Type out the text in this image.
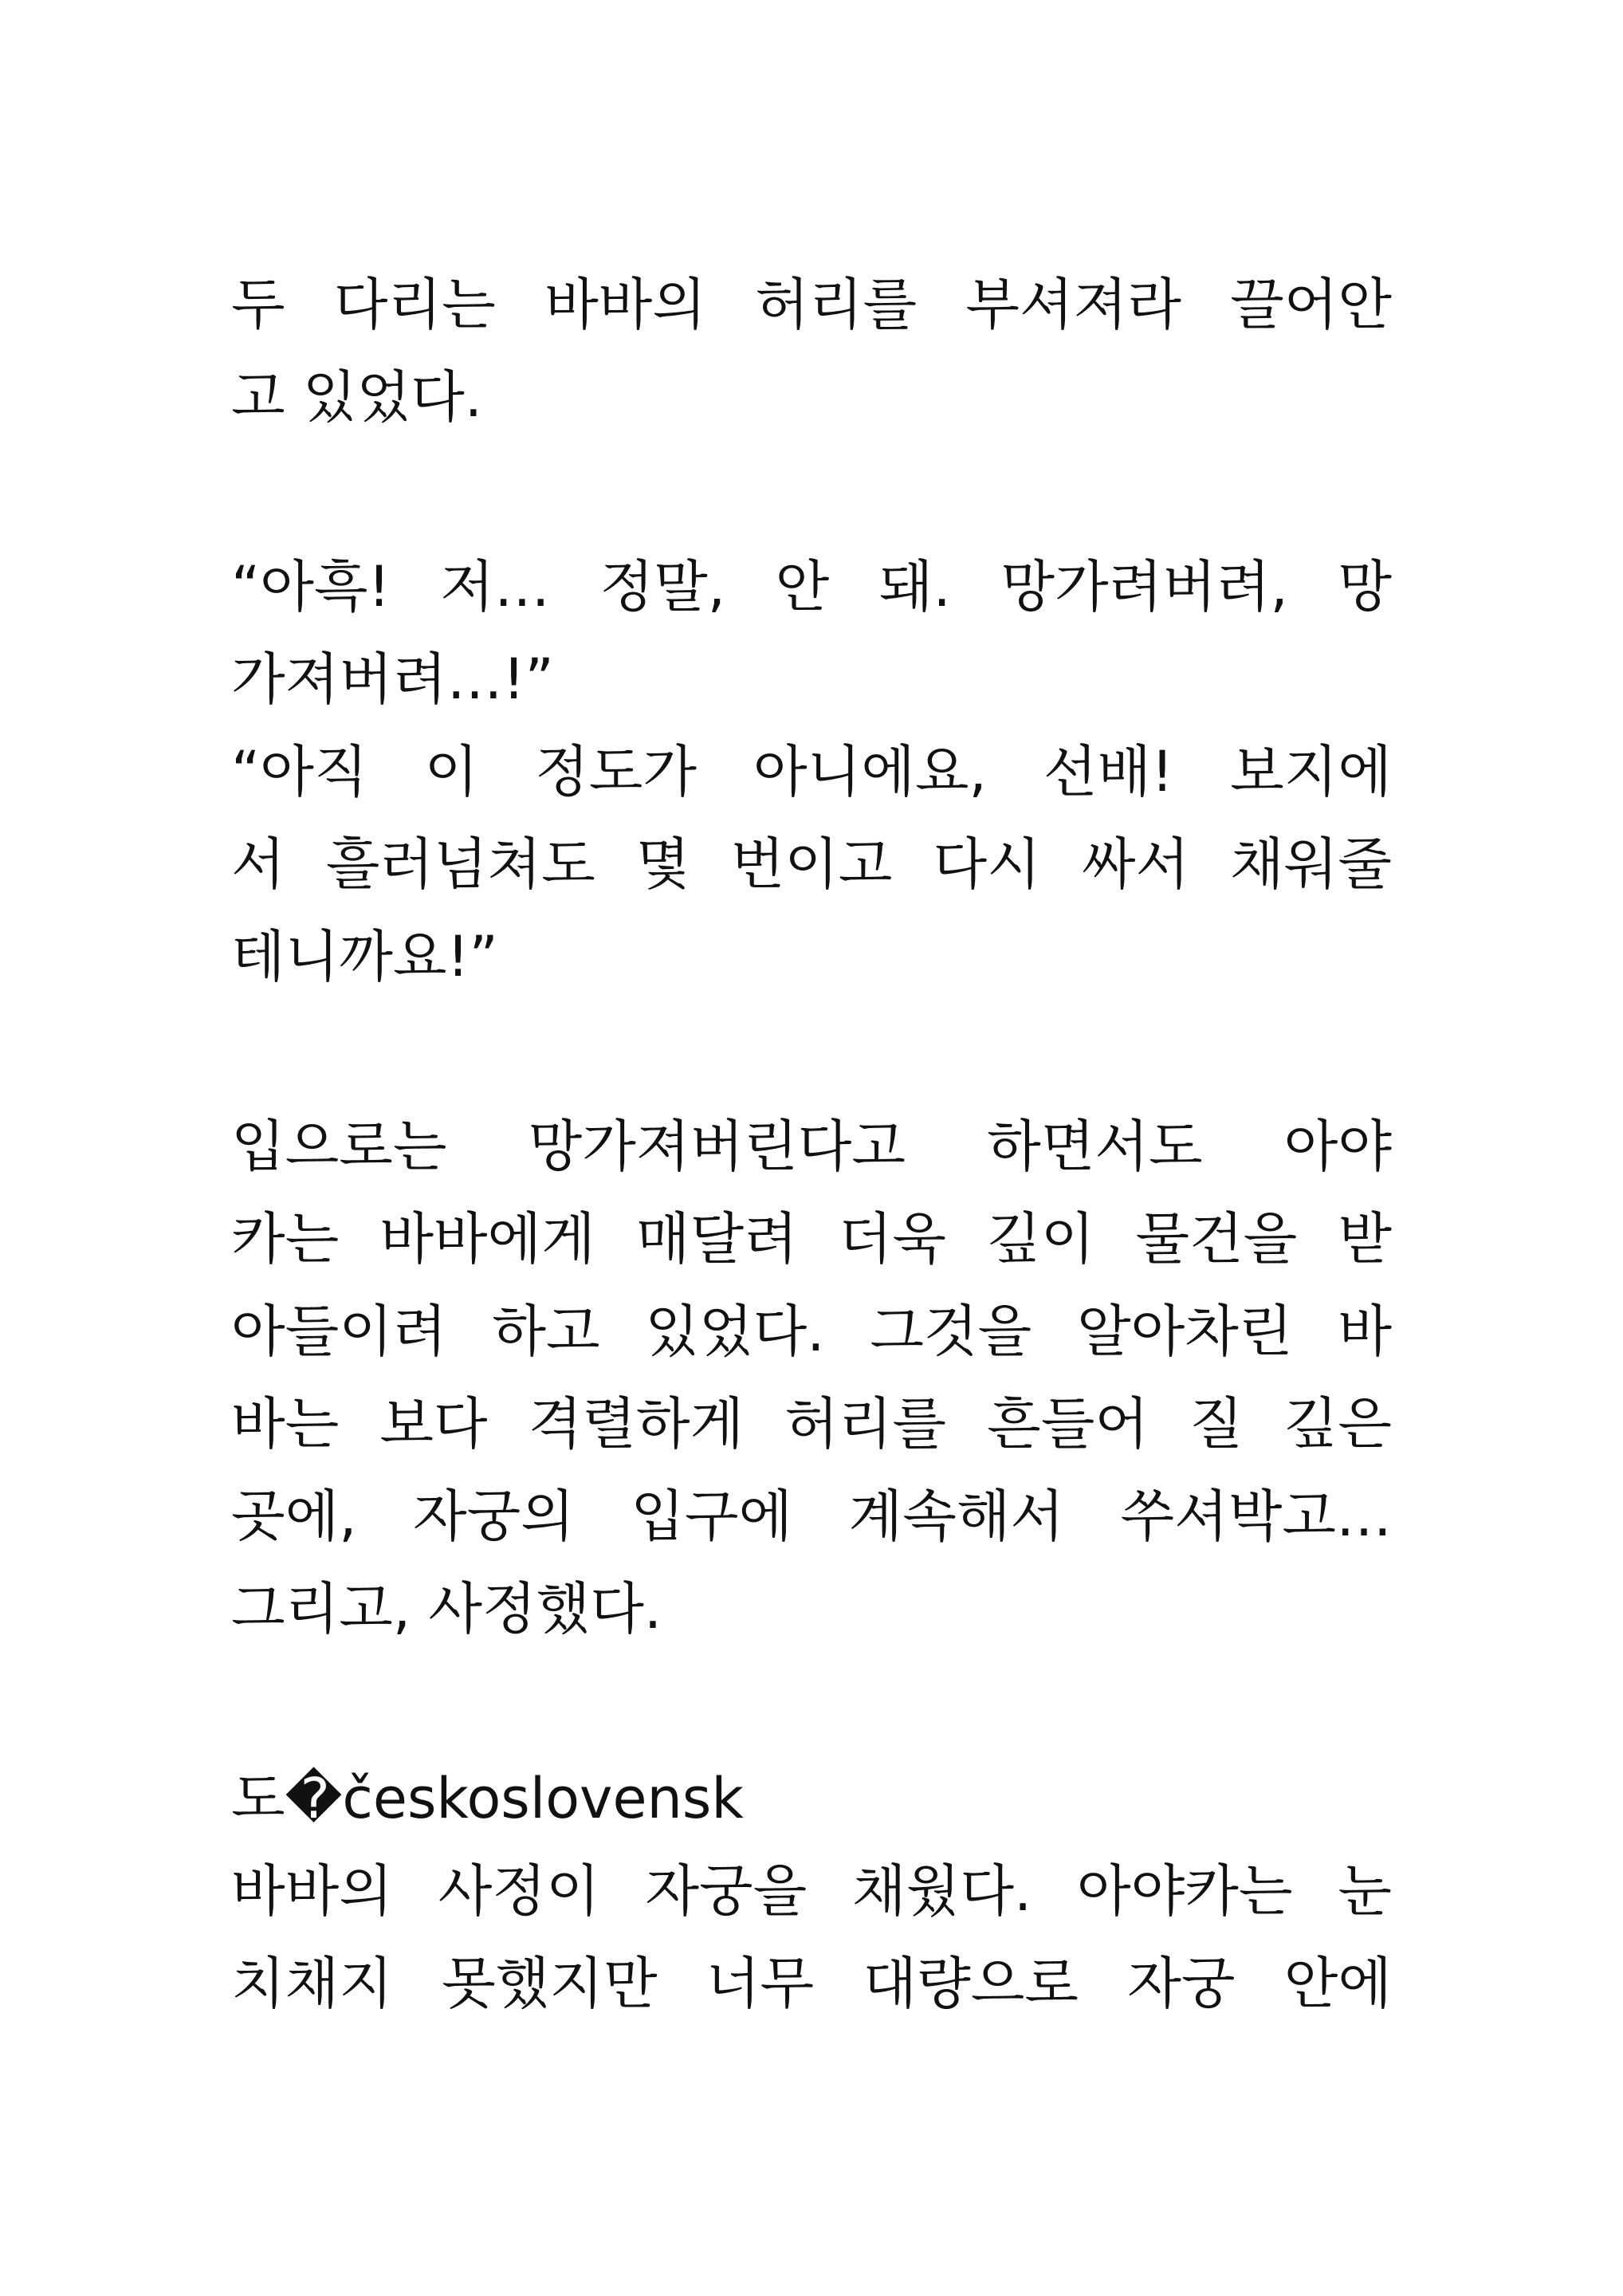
두 다리는 바바의 허리를 부셔져라 끌어안
고 있었다.
“아흑! 저… 정말, 안 돼. 망가려버려, 망
가져버려…!”
“아직 이 정도가 아니에요, 선배! 보지에
서 흘러넘쳐도 몇 번이고 다시 싸서 채워줄
테니까요!”
입으로는 망가져버린다고 하면서도 아야
카는 바바에게 매달려 더욱 깊이 물건을 받
아들이려 하고 있었다. 그것을 알아차린 바
바는 보다 격렬하게 허리를 흔들어 질 깊은
곳에, 자궁의 입구에 계속해서 쑤셔박고…
그리고, 사정했다.
도�československ
바바의 사정이 자궁을 채웠다. 아야카는 눈
치채지 못했지만 너무 대량으로 자궁 안에
